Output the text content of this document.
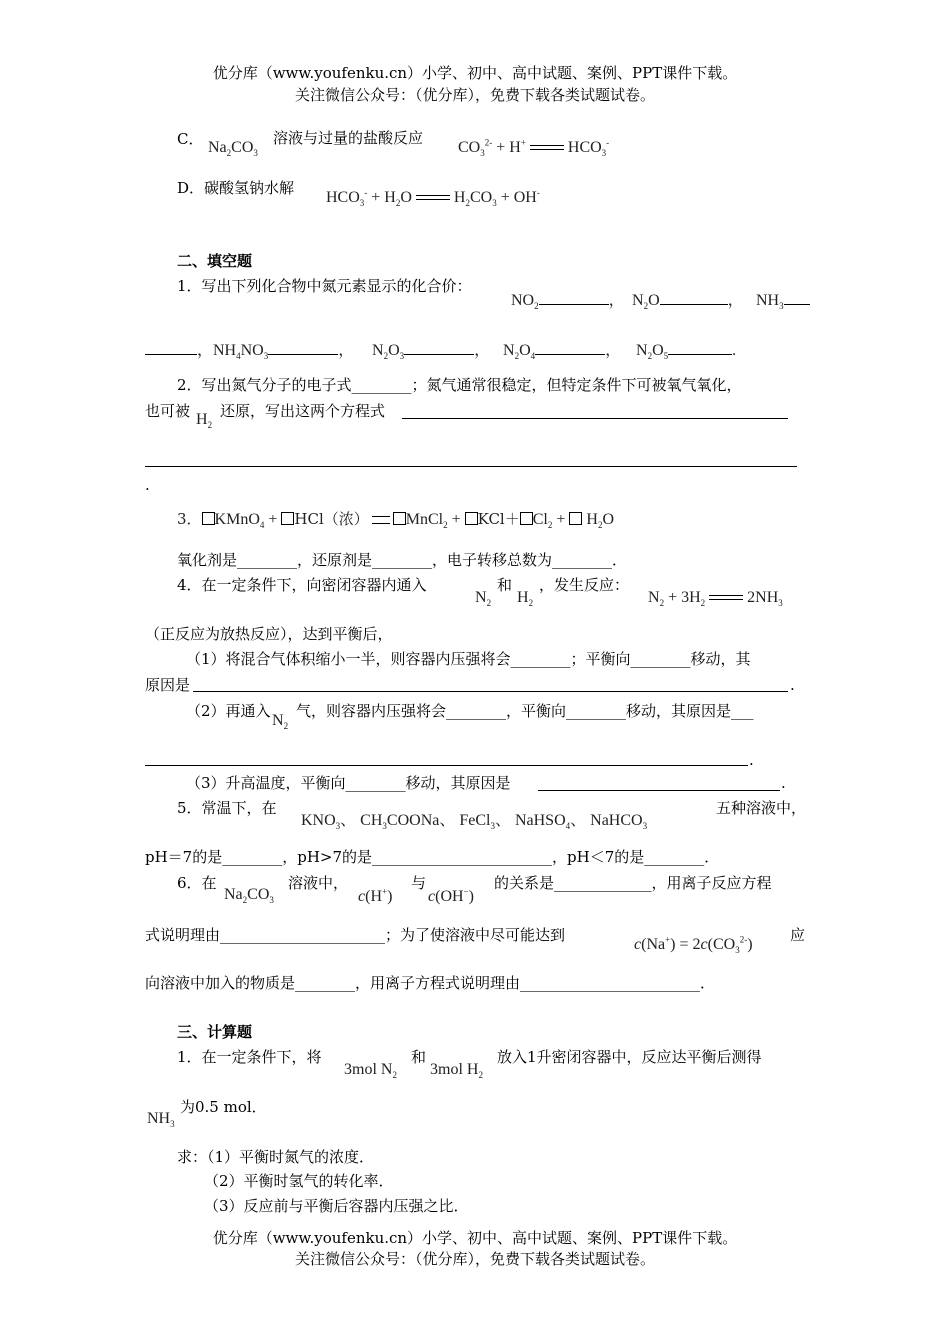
优分库（www.youfenku.cn）小学、初中、高中试题、案例、PPT课件下载。
关注微信公众号：（优分库），免费下载各类试题试卷。
C． $Na_2CO_3$
溶液与过量的盐酸反应
$CO_3^{2-} + H^+$	$HCO_3^-$
D．碳酸氢钠水解
$HCO_3^- + H_2O$	$H_2CO_3 + OH^-$
二、填空题
1．写出下列化合物中氮元素显示的化合价：
$NO_2$	， $N_2O$	， $NH_3$
，$NH_4NO_3$	， $N_2O_3$	， $N_2O_4$	， $N_2O_5$	.
2．写出氮气分子的电子式________；氮气通常很稳定，但特定条件下可被氧气氧化，
也可被 $H_2$
还原，写出这两个方程式
.
3． KMnO$_4$ + HCl（浓） MnCl$_2$ + $KCl+ Cl_2 + H_2O$
氧化剂是________，还原剂是________，电子转移总数为________．
4．在一定条件下，向密闭容器内通入
$N_2$
和
$H_2$
，发生反应：
$N_2 + 3H_2$	$2NH_3$
（正反应为放热反应），达到平衡后，
（1）将混合气体积缩小一半，则容器内压强将会________；平衡向________移动，其
原因是	.
（2）再通入
$N_2$
气，则容器内压强将会________，平衡向________移动，其原因是___
.
（3）升高温度，平衡向________移动，其原因是	.
5．常温下，在
$KNO_3$、 $CH_3COONa$、 FeCl$_3$、 NaHSO$_4$、 NaHCO$_3$
五种溶液中，
pH＝7的是________，pH>7的是________________________，pH＜7的是________．
6．在
$Na_2CO_3$
溶液中，
c(H+)
与
c(OH−)
的关系是_____________，用离子反应方程
式说明理由______________________；为了使溶液中尽可能达到
$c(Na^+) = 2c(CO_3^{2-})$
应
向溶液中加入的物质是________，用离子方程式说明理由________________________．
三、计算题
1．在一定条件下，将
3mol $N_2$
和
3mol $H_2$
放入1升密闭容器中，反应达平衡后测得
$NH_3$
为0.5 mol．
求：（1）平衡时氮气的浓度．
（2）平衡时氢气的转化率．
（3）反应前与平衡后容器内压强之比．
优分库（www.youfenku.cn）小学、初中、高中试题、案例、PPT课件下载。
关注微信公众号：（优分库），免费下载各类试题试卷。
